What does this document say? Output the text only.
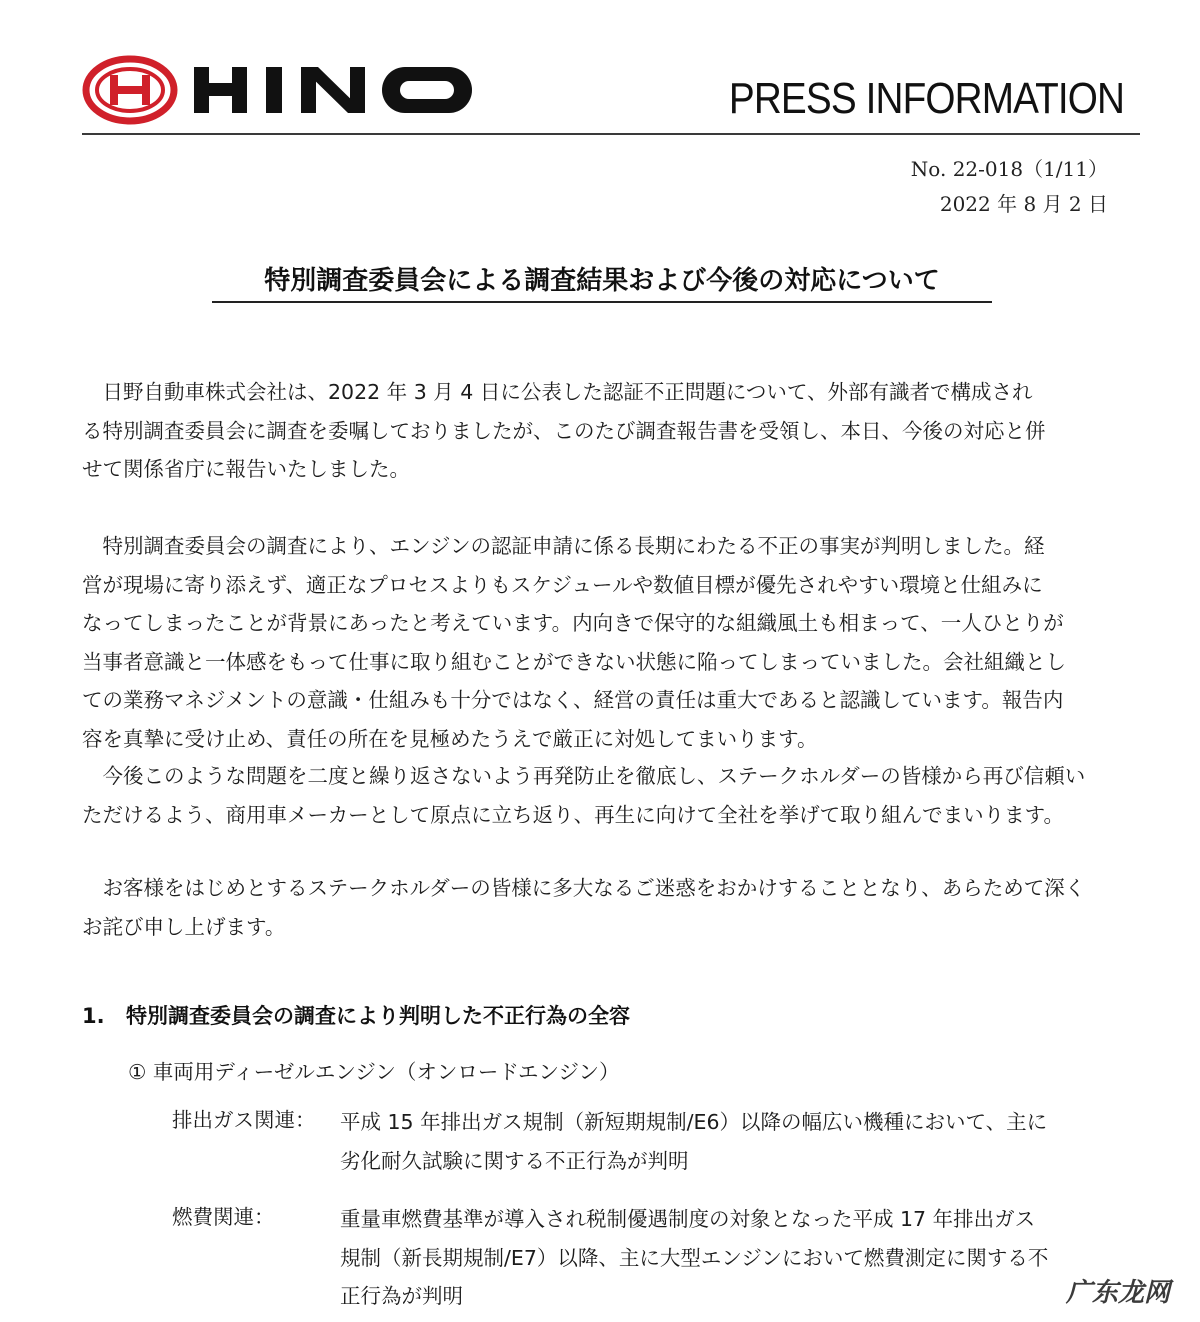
PRESS INFORMATION
No. 22-018（1/11）
2022 年 8 月 2 日
特別調査委員会による調査結果および今後の対応について
　日野自動車株式会社は、2022 年 3 月 4 日に公表した認証不正問題について、外部有識者で構成され
る特別調査委員会に調査を委嘱しておりましたが、このたび調査報告書を受領し、本日、今後の対応と併
せて関係省庁に報告いたしました。
　特別調査委員会の調査により、エンジンの認証申請に係る長期にわたる不正の事実が判明しました。経
営が現場に寄り添えず、適正なプロセスよりもスケジュールや数値目標が優先されやすい環境と仕組みに
なってしまったことが背景にあったと考えています。内向きで保守的な組織風土も相まって、一人ひとりが
当事者意識と一体感をもって仕事に取り組むことができない状態に陥ってしまっていました。会社組織とし
ての業務マネジメントの意識・仕組みも十分ではなく、経営の責任は重大であると認識しています。報告内
容を真摯に受け止め、責任の所在を見極めたうえで厳正に対処してまいります。
　今後このような問題を二度と繰り返さないよう再発防止を徹底し、ステークホルダーの皆様から再び信頼い
ただけるよう、商用車メーカーとして原点に立ち返り、再生に向けて全社を挙げて取り組んでまいります。
　お客様をはじめとするステークホルダーの皆様に多大なるご迷惑をおかけすることとなり、あらためて深く
お詫び申し上げます。
1. 特別調査委員会の調査により判明した不正行為の全容
① 車両用ディーゼルエンジン（オンロードエンジン）
排出ガス関連： 平成 15 年排出ガス規制（新短期規制/E6）以降の幅広い機種において、主に
劣化耐久試験に関する不正行為が判明
燃費関連：	重量車燃費基準が導入され税制優遇制度の対象となった平成 17 年排出ガス
規制（新長期規制/E7）以降、主に大型エンジンにおいて燃費測定に関する不
正行為が判明	广东龙网
